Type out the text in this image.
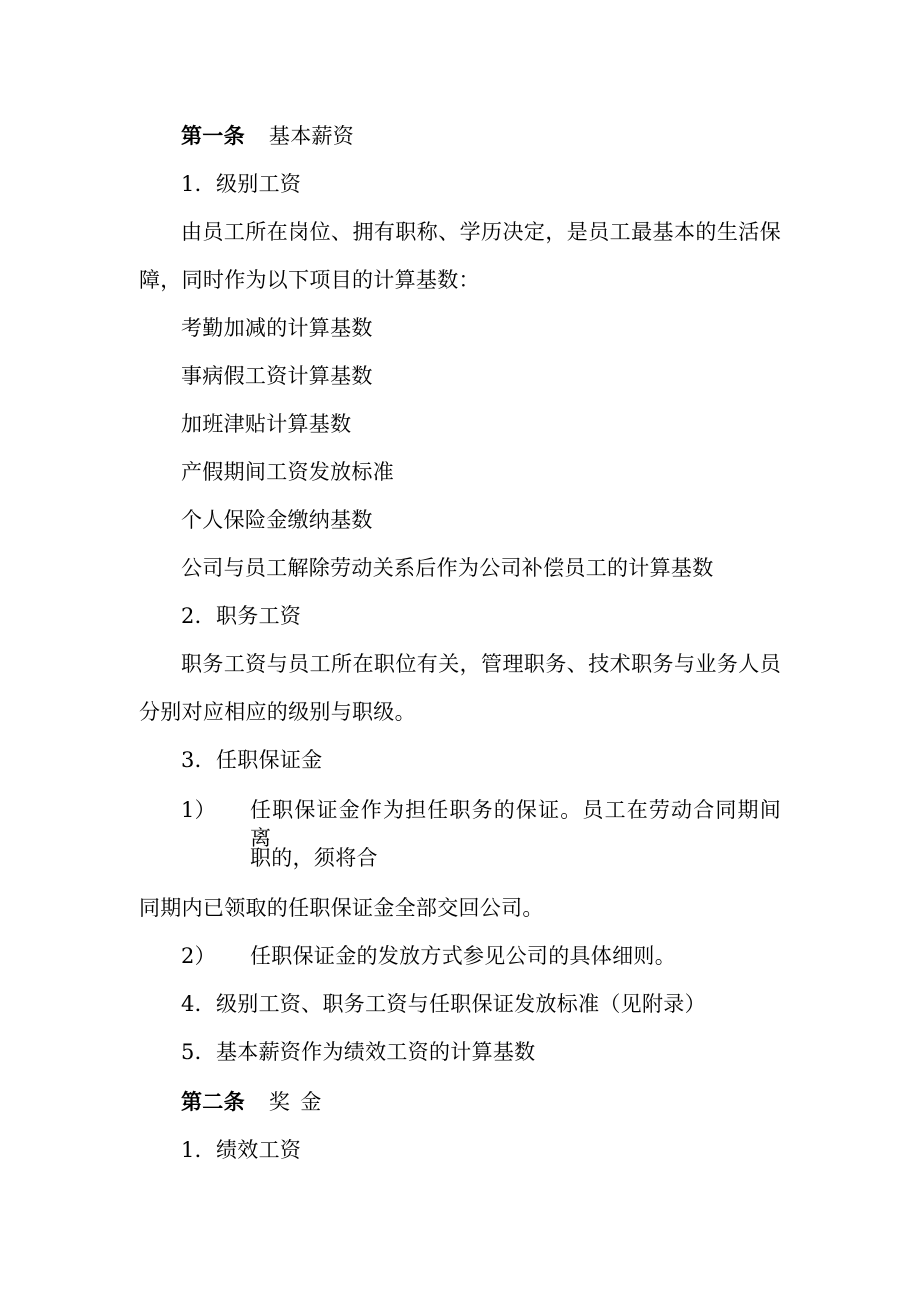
第一条 基本薪资
1．级别工资
由员工所在岗位、拥有职称、学历决定，是员工最基本的生活保
障，同时作为以下项目的计算基数：
考勤加减的计算基数
事病假工资计算基数
加班津贴计算基数
产假期间工资发放标准
个人保险金缴纳基数
公司与员工解除劳动关系后作为公司补偿员工的计算基数
2．职务工资
职务工资与员工所在职位有关，管理职务、技术职务与业务人员
分别对应相应的级别与职级。
3．任职保证金
1） 任职保证金作为担任职务的保证。员工在劳动合同期间离
职的，须将合
同期内已领取的任职保证金全部交回公司。
2） 任职保证金的发放方式参见公司的具体细则。
4．级别工资、职务工资与任职保证发放标准（见附录）
5．基本薪资作为绩效工资的计算基数
第二条 奖 金
1．绩效工资
